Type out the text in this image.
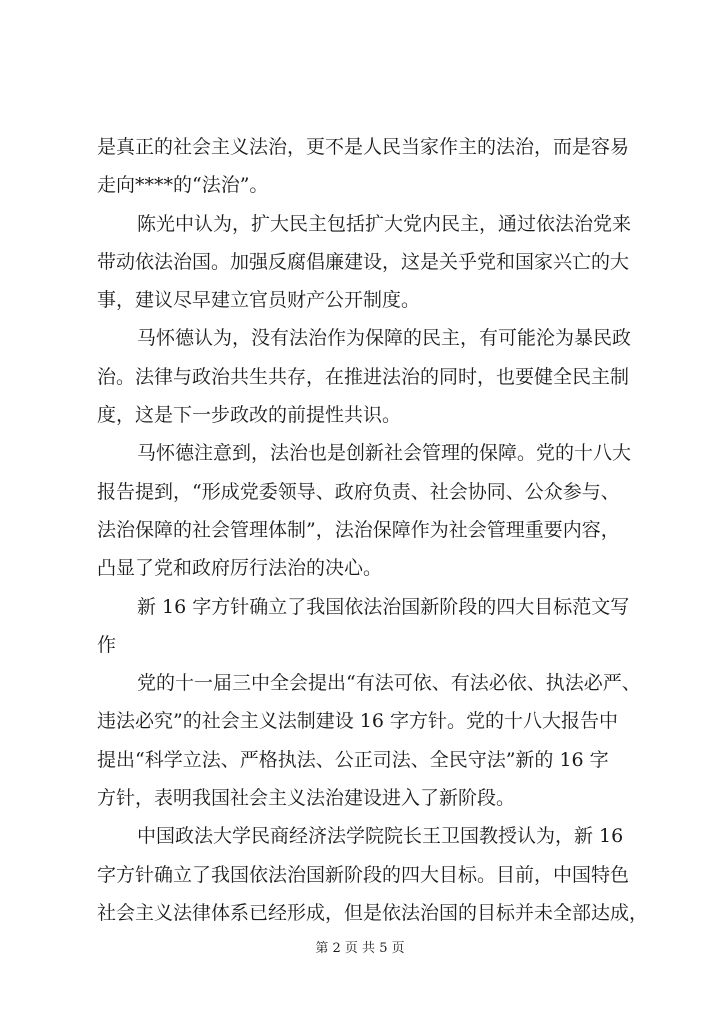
是真正的社会主义法治，更不是人民当家作主的法治，而是容易
走向****的“法治”。
陈光中认为，扩大民主包括扩大党内民主，通过依法治党来
带动依法治国。加强反腐倡廉建设，这是关乎党和国家兴亡的大
事，建议尽早建立官员财产公开制度。
马怀德认为，没有法治作为保障的民主，有可能沦为暴民政
治。法律与政治共生共存，在推进法治的同时，也要健全民主制
度，这是下一步政改的前提性共识。
马怀德注意到，法治也是创新社会管理的保障。党的十八大
报告提到，“形成党委领导、政府负责、社会协同、公众参与、
法治保障的社会管理体制”，法治保障作为社会管理重要内容，
凸显了党和政府厉行法治的决心。
新 16 字方针确立了我国依法治国新阶段的四大目标范文写
作
党的十一届三中全会提出“有法可依、有法必依、执法必严、
违法必究”的社会主义法制建设 16 字方针。党的十八大报告中
提出“科学立法、严格执法、公正司法、全民守法”新的 16 字
方针，表明我国社会主义法治建设进入了新阶段。
中国政法大学民商经济法学院院长王卫国教授认为，新 16
字方针确立了我国依法治国新阶段的四大目标。目前，中国特色
社会主义法律体系已经形成，但是依法治国的目标并未全部达成，
第 2 页 共 5 页
